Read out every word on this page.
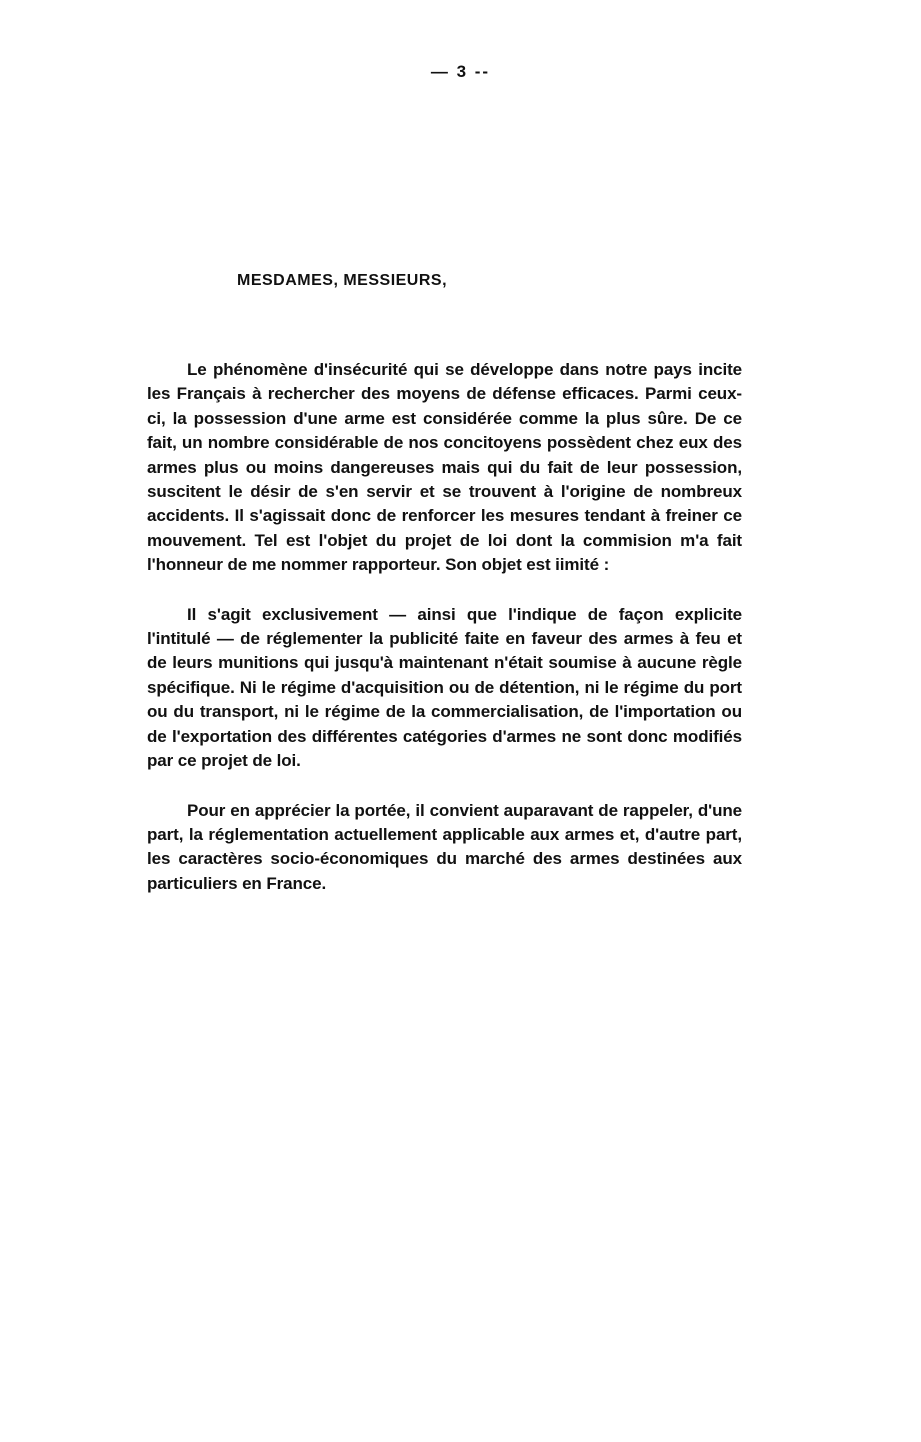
— 3 --
MESDAMES, MESSIEURS,

Le phénomène d'insécurité qui se développe dans notre pays incite les Français à rechercher des moyens de défense efficaces. Parmi ceux-ci, la possession d'une arme est considérée comme la plus sûre. De ce fait, un nombre considérable de nos concitoyens possèdent chez eux des armes plus ou moins dangereuses mais qui du fait de leur possession, suscitent le désir de s'en servir et se trouvent à l'origine de nombreux accidents. Il s'agissait donc de renforcer les mesures tendant à freiner ce mouvement. Tel est l'objet du projet de loi dont la commision m'a fait l'honneur de me nommer rapporteur. Son objet est iimité :

Il s'agit exclusivement — ainsi que l'indique de façon explicite l'intitulé — de réglementer la publicité faite en faveur des armes à feu et de leurs munitions qui jusqu'à maintenant n'était soumise à aucune règle spécifique. Ni le régime d'acquisition ou de détention, ni le régime du port ou du transport, ni le régime de la commercialisation, de l'importation ou de l'exportation des différentes catégories d'armes ne sont donc modifiés par ce projet de loi.

Pour en apprécier la portée, il convient auparavant de rappeler, d'une part, la réglementation actuellement applicable aux armes et, d'autre part, les caractères socio-économiques du marché des armes destinées aux particuliers en France.
